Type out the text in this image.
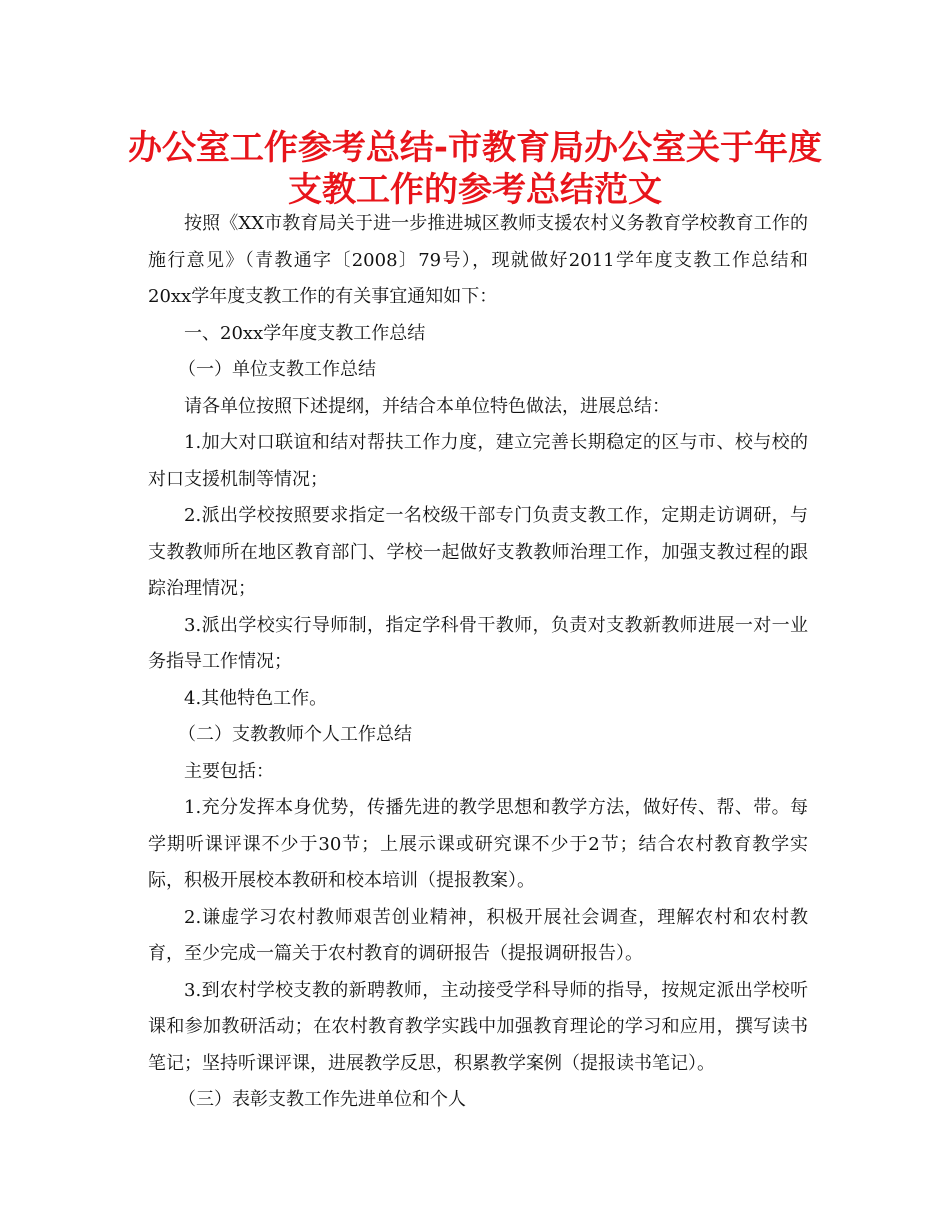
办公室工作参考总结-市教育局办公室关于年度
支教工作的参考总结范文

按照《XX市教育局关于进一步推进城区教师支援农村义务教育学校教育工作的施行意见》（青教通字〔2008〕79号），现就做好2011学年度支教工作总结和20xx学年度支教工作的有关事宜通知如下：

一、20xx学年度支教工作总结

（一）单位支教工作总结

请各单位按照下述提纲，并结合本单位特色做法，进展总结：

1.加大对口联谊和结对帮扶工作力度，建立完善长期稳定的区与市、校与校的对口支援机制等情况；

2.派出学校按照要求指定一名校级干部专门负责支教工作，定期走访调研，与支教教师所在地区教育部门、学校一起做好支教教师治理工作，加强支教过程的跟踪治理情况；

3.派出学校实行导师制，指定学科骨干教师，负责对支教新教师进展一对一业务指导工作情况；

4.其他特色工作。

（二）支教教师个人工作总结

主要包括：

1.充分发挥本身优势，传播先进的教学思想和教学方法，做好传、帮、带。每学期听课评课不少于30节；上展示课或研究课不少于2节；结合农村教育教学实际，积极开展校本教研和校本培训（提报教案）。

2.谦虚学习农村教师艰苦创业精神，积极开展社会调查，理解农村和农村教育，至少完成一篇关于农村教育的调研报告（提报调研报告）。

3.到农村学校支教的新聘教师，主动接受学科导师的指导，按规定派出学校听课和参加教研活动；在农村教育教学实践中加强教育理论的学习和应用，撰写读书笔记；坚持听课评课，进展教学反思，积累教学案例（提报读书笔记）。

（三）表彰支教工作先进单位和个人
